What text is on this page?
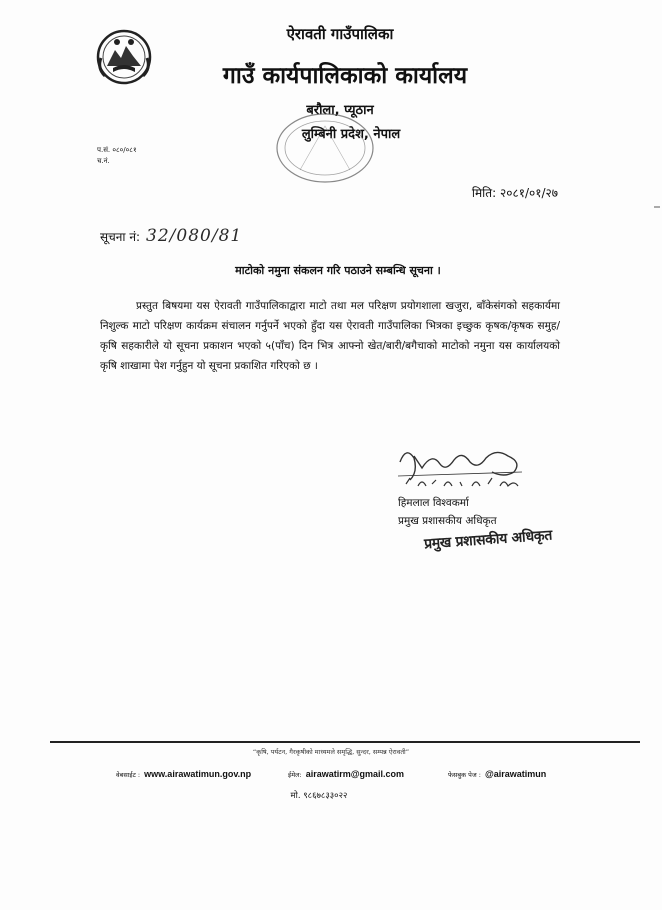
ऐरावती गाउँपालिका
गाउँ कार्यपालिकाको कार्यालय
बरौला, प्यूठान
लुम्बिनी प्रदेश, नेपाल
प.सं. ०८०/०८१
च.नं.
मिति: २०८१/०१/२७
सूचना नं: 32/080/81
माटोको नमुना संकलन गरि पठाउने सम्बन्धि सूचना ।
प्रस्तुत बिषयमा यस ऐरावती गाउँपालिकाद्वारा माटो तथा मल परिक्षण प्रयोगशाला खजुरा, बाँकेसंगको सहकार्यमा निशुल्क माटो परिक्षण कार्यक्रम संचालन गर्नुपर्ने भएको हुँदा यस ऐरावती गाउँपालिका भित्रका इच्छुक कृषक/कृषक समुह/ कृषि सहकारीले यो सूचना प्रकाशन भएको ५(पाँच) दिन भित्र आफ्नो खेत/बारी/बगैचाको माटोको नमुना यस कार्यालयको कृषि शाखामा पेश गर्नुहुन यो सूचना प्रकाशित गरिएको छ ।
हिमलाल विश्वकर्मा
प्रमुख प्रशासकीय अधिकृत
प्रमुख प्रशासकीय अधिकृत
“कृषि, पर्यटन, गैरकृषीको माध्यमले समृद्धि, सुन्दर, सम्पन्न ऐरावती”
वेबसाईट : www.airawatimun.gov.np	ईमेल: airawatirm@gmail.com	फेसबुक पेज : @airawatimun
मो. ९८६७८३३०२२
